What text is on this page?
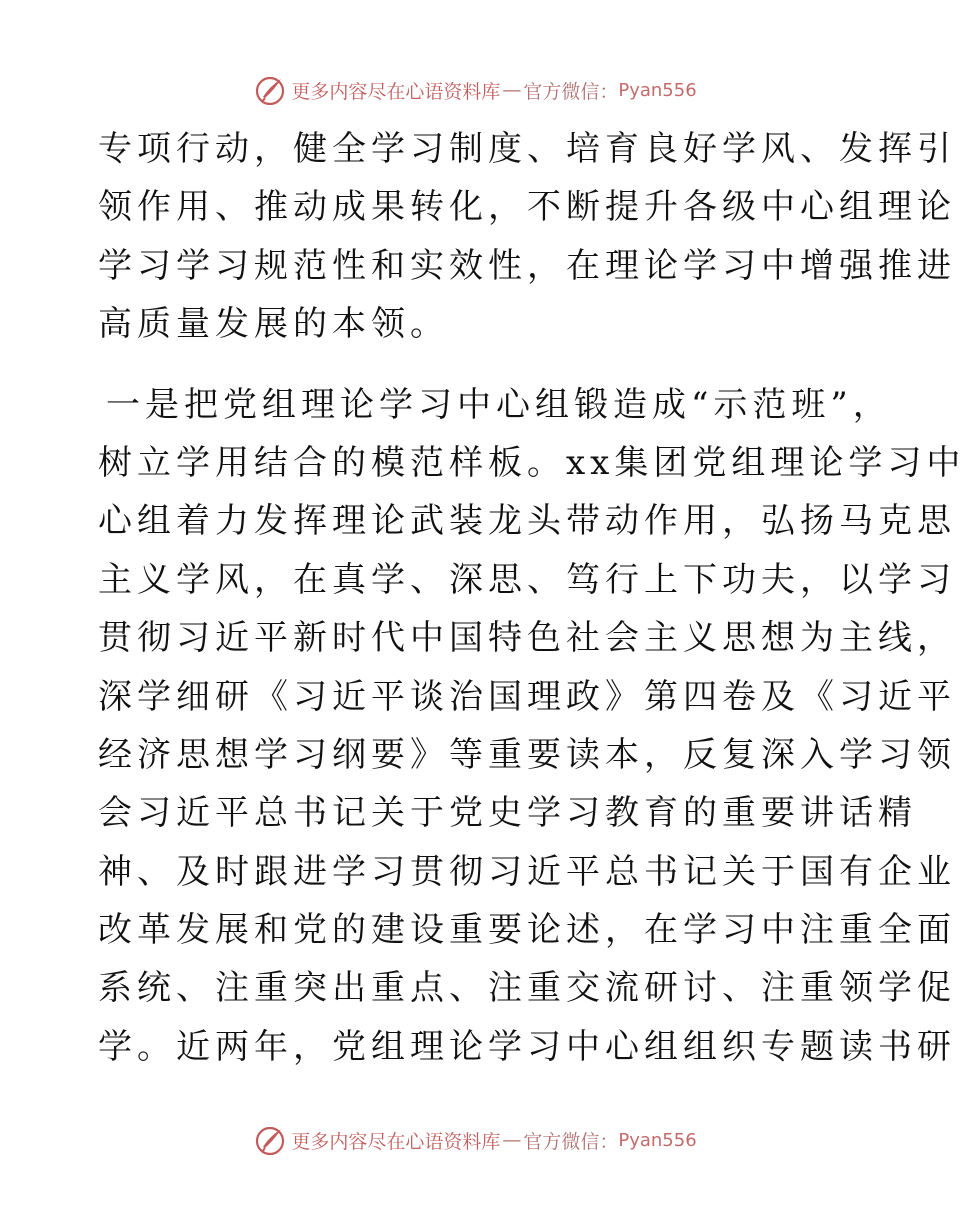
更多内容尽在心语资料库 — 官方微信： Pyan556
专项行动，健全学习制度、培育良好学风、发挥引
领作用、推动成果转化，不断提升各级中心组理论
学习学习规范性和实效性，在理论学习中增强推进
高质量发展的本领。
一是把党组理论学习中心组锻造成“示范班”，
树立学用结合的模范样板。xx集团党组理论学习中
心组着力发挥理论武装龙头带动作用，弘扬马克思
主义学风，在真学、深思、笃行上下功夫，以学习
贯彻习近平新时代中国特色社会主义思想为主线，
深学细研《习近平谈治国理政》第四卷及《习近平
经济思想学习纲要》等重要读本，反复深入学习领
会习近平总书记关于党史学习教育的重要讲话精
神、及时跟进学习贯彻习近平总书记关于国有企业
改革发展和党的建设重要论述，在学习中注重全面
系统、注重突出重点、注重交流研讨、注重领学促
学。近两年，党组理论学习中心组组织专题读书研
更多内容尽在心语资料库 — 官方微信： Pyan556
